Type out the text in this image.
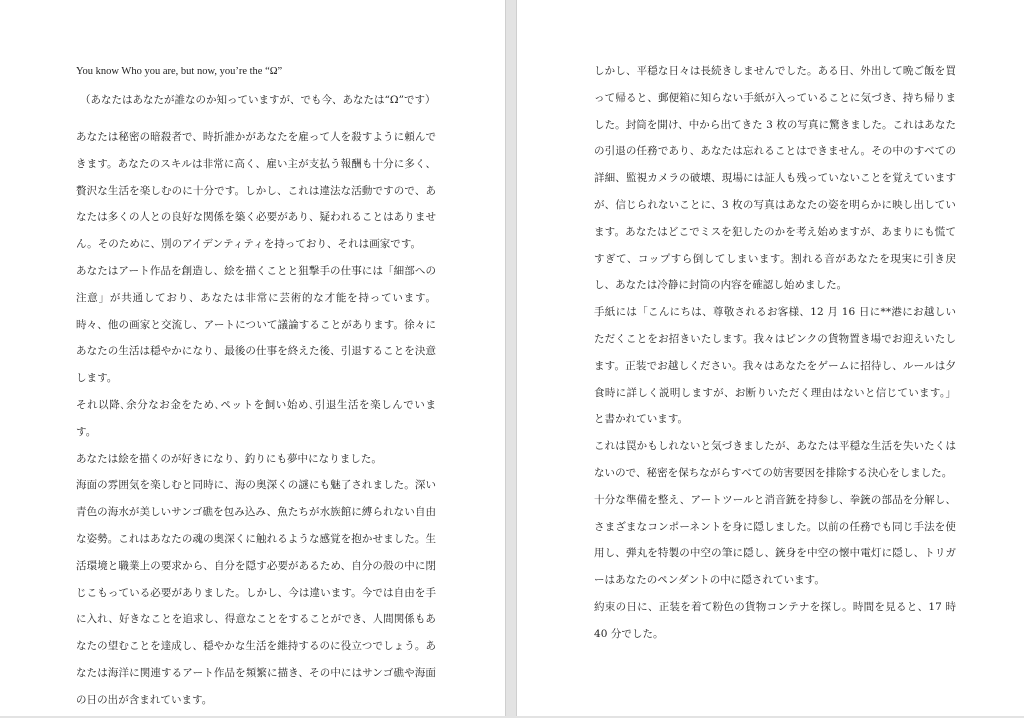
You know Who you are, but now, you’re the “Ω”

（あなたはあなたが誰なのか知っていますが、でも今、あなたは“Ω”です）

あなたは秘密の暗殺者で、時折誰かがあなたを雇って人を殺すように頼んできます。あなたのスキルは非常に高く、雇い主が支払う報酬も十分に多く、贅沢な生活を楽しむのに十分です。しかし、これは違法な活動ですので、あなたは多くの人との良好な関係を築く必要があり、疑われることはありません。そのために、別のアイデンティティを持っており、それは画家です。

あなたはアート作品を創造し、絵を描くことと狙撃手の仕事には「細部への注意」が共通しており、あなたは非常に芸術的な才能を持っています。時々、他の画家と交流し、アートについて議論することがあります。徐々にあなたの生活は穏やかになり、最後の仕事を終えた後、引退することを決意します。

それ以降､余分なお金をため､ペットを飼い始め､引退生活を楽しんでいます。

あなたは絵を描くのが好きになり、釣りにも夢中になりました。

海面の雰囲気を楽しむと同時に、海の奥深くの謎にも魅了されました。深い青色の海水が美しいサンゴ礁を包み込み、魚たちが水族館に縛られない自由な姿勢。これはあなたの魂の奥深くに触れるような感覚を抱かせました。生活環境と職業上の要求から、自分を隠す必要があるため、自分の殻の中に閉じこもっている必要がありました。しかし、今は違います。今では自由を手に入れ、好きなことを追求し、得意なことをすることができ、人間関係もあなたの望むことを達成し、穏やかな生活を維持するのに役立つでしょう。あなたは海洋に関連するアート作品を頻繁に描き、その中にはサンゴ礁や海面の日の出が含まれています。

しかし、平穏な日々は長続きしませんでした。ある日、外出して晩ご飯を買って帰ると、郵便箱に知らない手紙が入っていることに気づき、持ち帰りました。封筒を開け、中から出てきた 3 枚の写真に驚きました。これはあなたの引退の任務であり、あなたは忘れることはできません。その中のすべての詳細、監視カメラの破壊、現場には証人も残っていないことを覚えていますが、信じられないことに、3 枚の写真はあなたの姿を明らかに映し出しています。あなたはどこでミスを犯したのかを考え始めますが、あまりにも慌てすぎて、コップすら倒してしまいます。割れる音があなたを現実に引き戻し、あなたは冷静に封筒の内容を確認し始めました。

手紙には「こんにちは、尊敬されるお客様、12 月 16 日に**港にお越しいただくことをお招きいたします。我々はピンクの貨物置き場でお迎えいたします。正装でお越しください。我々はあなたをゲームに招待し、ルールは夕食時に詳しく説明しますが、お断りいただく理由はないと信じています。」と書かれています。

これは罠かもしれないと気づきましたが、あなたは平穏な生活を失いたくはないので、秘密を保ちながらすべての妨害要因を排除する決心をしました。

十分な準備を整え、アートツールと消音銃を持参し、拳銃の部品を分解し、さまざまなコンポーネントを身に隠しました。以前の任務でも同じ手法を使用し、弾丸を特製の中空の筆に隠し、銃身を中空の懐中電灯に隠し、トリガーはあなたのペンダントの中に隠されています。

約束の日に、正装を着て粉色の貨物コンテナを探し。時間を見ると、17 時 40 分でした。
